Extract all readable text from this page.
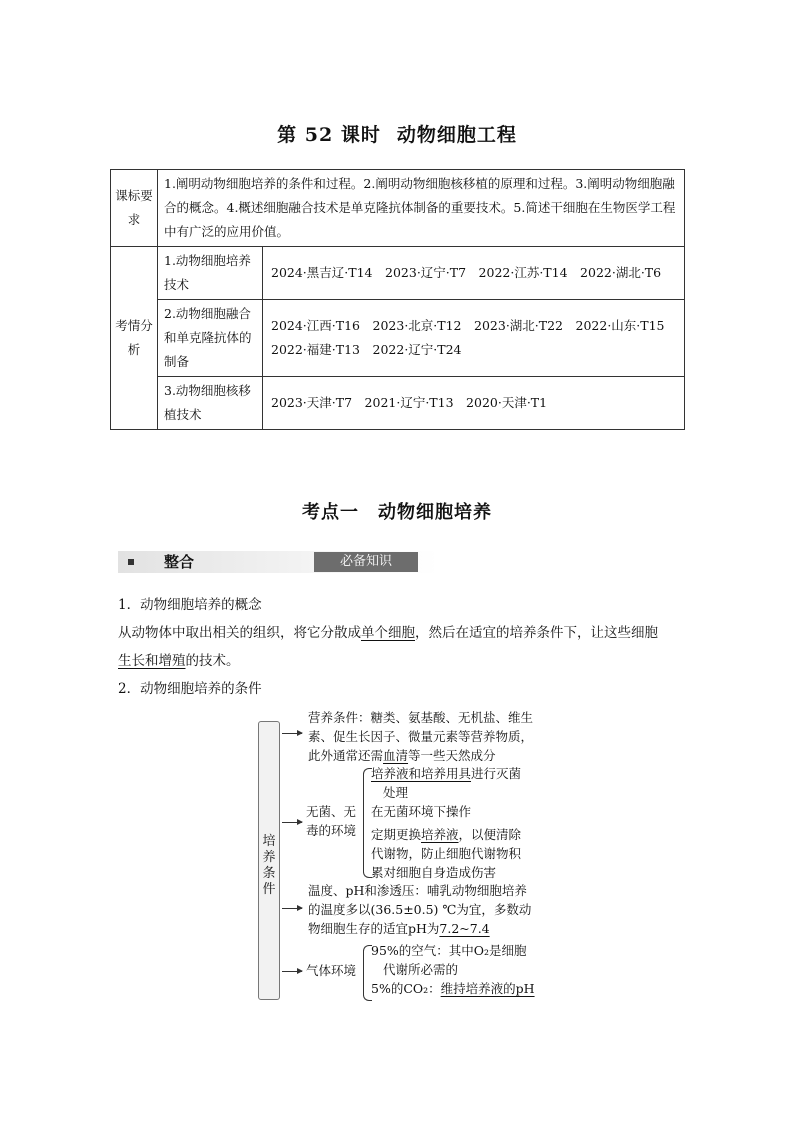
第 52 课时 动物细胞工程
课标要求	1.阐明动物细胞培养的条件和过程。2.阐明动物细胞核移植的原理和过程。3.阐明动物细胞融合的概念。4.概述细胞融合技术是单克隆抗体制备的重要技术。5.简述干细胞在生物医学工程中有广泛的应用价值。	
考情分析	1.动物细胞培养技术	2024·黑吉辽·T14　2023·辽宁·T7　2022·江苏·T14　2022·湖北·T6
	2.动物细胞融合和单克隆抗体的制备	2024·江西·T16　2023·北京·T12　2023·湖北·T22　2022·山东·T15
2022·福建·T13　2022·辽宁·T24

	3.动物细胞核移植技术	2023·天津·T7　2021·辽宁·T13　2020·天津·T1
考点一　动物细胞培养
整合	必备知识
1．动物细胞培养的概念
从动物体中取出相关的组织，将它分散成单个细胞，然后在适宜的培养条件下，让这些细胞
生长和增殖的技术。
2．动物细胞培养的条件
培
养
条
件
营养条件：糖类、氨基酸、无机盐、维生
素、促生长因子、微量元素等营养物质，
此外通常还需血清等一些天然成分
无菌、无
毒的环境
培养液和培养用具进行灭菌
处理
在无菌环境下操作
定期更换培养液，以便清除
代谢物，防止细胞代谢物积
累对细胞自身造成伤害
温度、pH和渗透压：哺乳动物细胞培养
的温度多以(36.5±0.5) ℃为宜，多数动
物细胞生存的适宜pH为7.2~7.4
气体环境
95%的空气：其中O₂是细胞
代谢所必需的
5%的CO₂：维持培养液的pH
